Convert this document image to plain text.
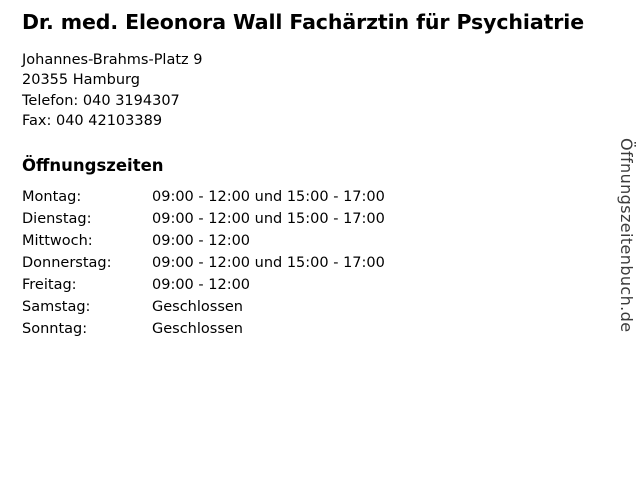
Dr. med. Eleonora Wall Fachärztin für Psychiatrie
Johannes-Brahms-Platz 9
20355 Hamburg
Telefon: 040 3194307
Fax: 040 42103389
Öffnungszeiten
Montag:	09:00 - 12:00 und 15:00 - 17:00
Dienstag:	09:00 - 12:00 und 15:00 - 17:00
Mittwoch:	09:00 - 12:00
Donnerstag:	09:00 - 12:00 und 15:00 - 17:00
Freitag:	09:00 - 12:00
Samstag:	Geschlossen
Sonntag:	Geschlossen	Öffnungszeitenbuch.de
